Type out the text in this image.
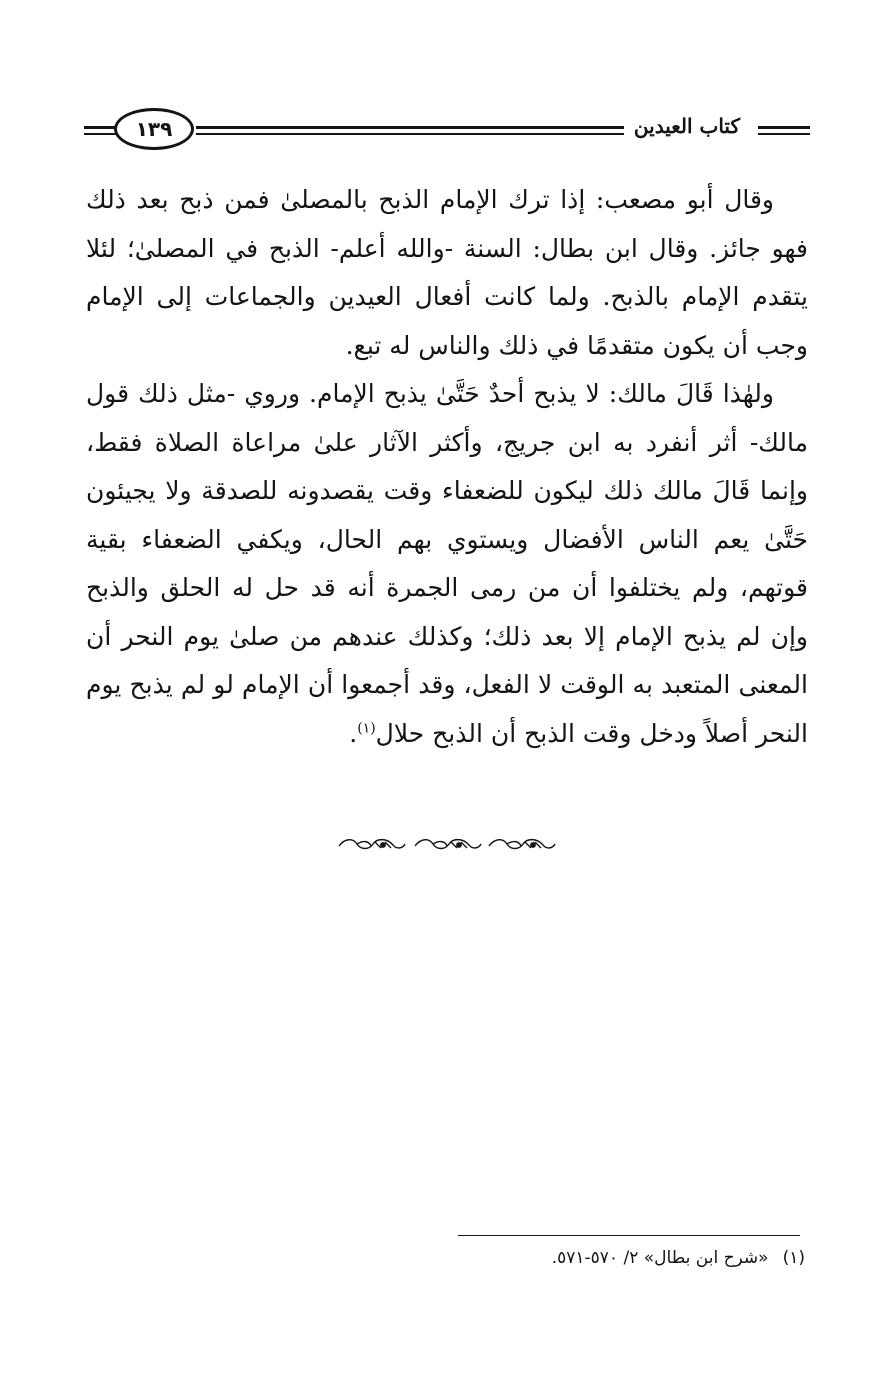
كتاب العيدين
١٣٩

وقال أبو مصعب: إذا ترك الإمام الذبح بالمصلىٰ فمن ذبح بعد ذلك فهو جائز. وقال ابن بطال: السنة -والله أعلم- الذبح في المصلىٰ؛ لئلا يتقدم الإمام بالذبح. ولما كانت أفعال العيدين والجماعات إلى الإمام وجب أن يكون متقدمًا في ذلك والناس له تبع.

ولهٰذا قَالَ مالك: لا يذبح أحدٌ حَتَّىٰ يذبح الإمام. وروي -مثل ذلك قول مالك- أثر أنفرد به ابن جريج، وأكثر الآثار علىٰ مراعاة الصلاة فقط، وإنما قَالَ مالك ذلك ليكون للضعفاء وقت يقصدونه للصدقة ولا يجيئون حَتَّىٰ يعم الناس الأفضال ويستوي بهم الحال، ويكفي الضعفاء بقية قوتهم، ولم يختلفوا أن من رمى الجمرة أنه قد حل له الحلق والذبح وإن لم يذبح الإمام إلا بعد ذلك؛ وكذلك عندهم من صلىٰ يوم النحر أن المعنى المتعبد به الوقت لا الفعل، وقد أجمعوا أن الإمام لو لم يذبح يوم النحر أصلاً ودخل وقت الذبح أن الذبح حلال$^{(١)}$.

(١)«شرح ابن بطال» ٢/ ٥٧٠-٥٧١.
